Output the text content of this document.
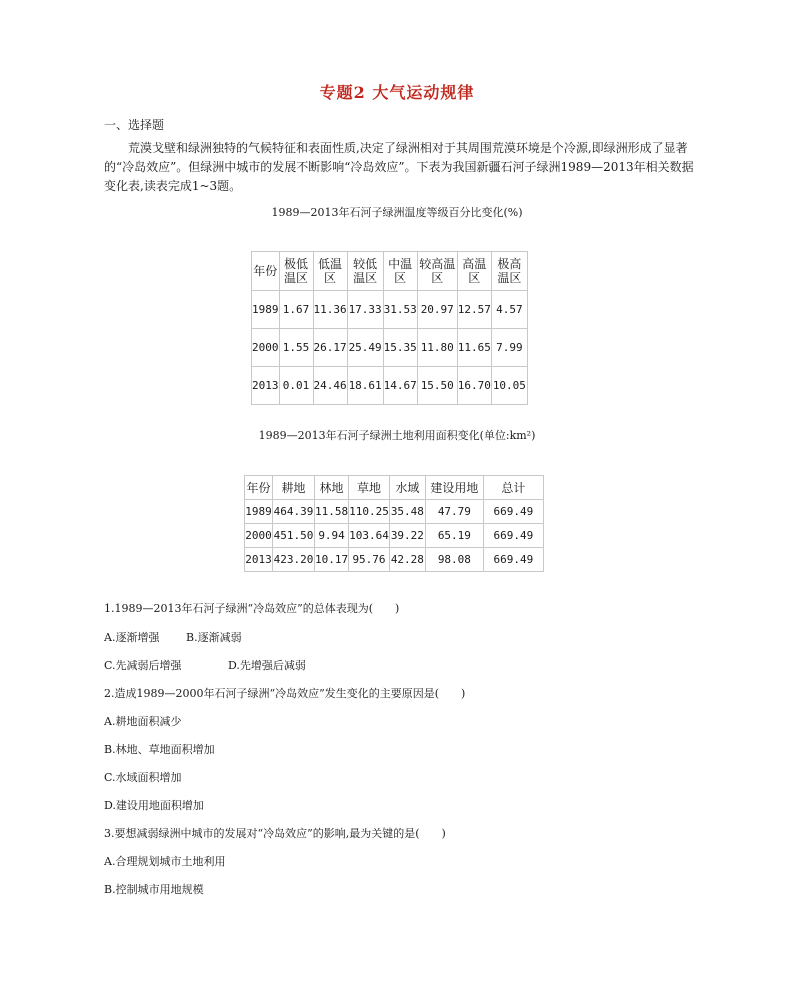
专题2 大气运动规律
一、选择题
荒漠戈壁和绿洲独特的气候特征和表面性质,决定了绿洲相对于其周围荒漠环境是个冷源,即绿洲形成了显著的“冷岛效应”。但绿洲中城市的发展不断影响“冷岛效应”。下表为我国新疆石河子绿洲1989—2013年相关数据变化表,读表完成1~3题。
1989—2013年石河子绿洲温度等级百分比变化(%)
年份	极低温区	低温区	较低温区	中温区	较高温区	高温区	极高温区
1989	1.67	11.36	17.33	31.53	20.97	12.57	4.57
2000	1.55	26.17	25.49	15.35	11.80	11.65	7.99
2013	0.01	24.46	18.61	14.67	15.50	16.70	10.05
1989—2013年石河子绿洲土地利用面积变化(单位:km²)
年份	耕地	林地	草地	水域	建设用地	总计
1989	464.39	11.58	110.25	35.48	47.79	669.49
2000	451.50	9.94	103.64	39.22	65.19	669.49
2013	423.20	10.17	95.76	42.28	98.08	669.49
1.1989—2013年石河子绿洲“冷岛效应”的总体表现为(　　)
A.逐渐增强 B.逐渐减弱
C.先减弱后增强	D.先增强后减弱
2.造成1989—2000年石河子绿洲“冷岛效应”发生变化的主要原因是(　　)
A.耕地面积减少
B.林地、草地面积增加
C.水域面积增加
D.建设用地面积增加
3.要想减弱绿洲中城市的发展对“冷岛效应”的影响,最为关键的是(　　)
A.合理规划城市土地利用
B.控制城市用地规模
